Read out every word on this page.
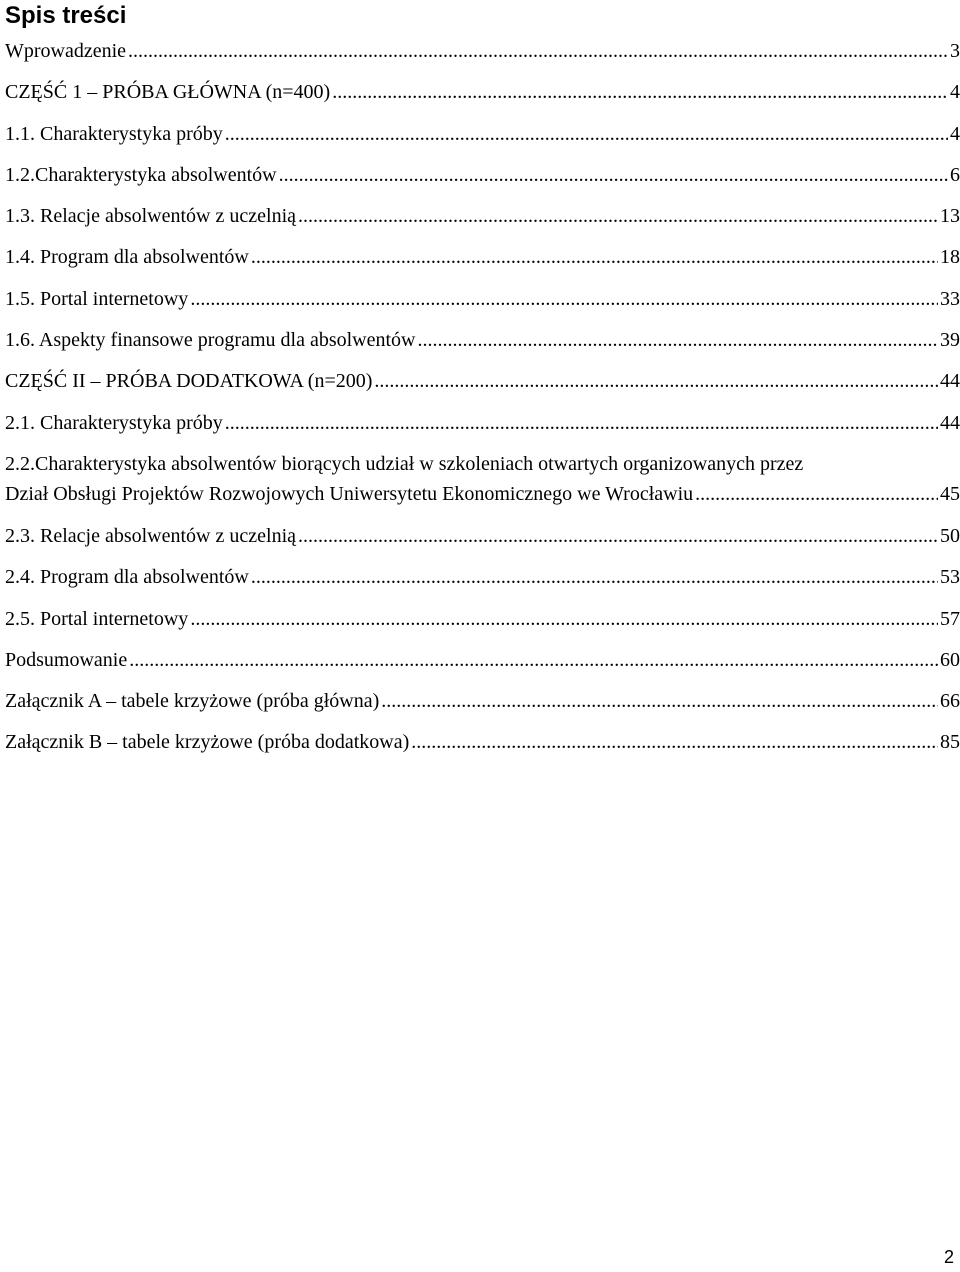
Spis treści
Wprowadzenie .....	3
CZĘŚĆ 1 – PRÓBA GŁÓWNA (n=400) .....	4
1.1. Charakterystyka próby .....	4
1.2.Charakterystyka absolwentów .....	6
1.3. Relacje absolwentów z uczelnią .....	13
1.4. Program dla absolwentów .....	18
1.5. Portal internetowy .....	33
1.6. Aspekty finansowe programu dla absolwentów .....	39
CZĘŚĆ II – PRÓBA DODATKOWA (n=200) .....	44
2.1. Charakterystyka próby .....	44
2.2.Charakterystyka absolwentów biorących udział w szkoleniach otwartych organizowanych przez
Dział Obsługi Projektów Rozwojowych Uniwersytetu Ekonomicznego we Wrocławiu .....	45
2.3. Relacje absolwentów z uczelnią .....	50
2.4. Program dla absolwentów .....	53
2.5. Portal internetowy .....	57
Podsumowanie .....	60
Załącznik A – tabele krzyżowe (próba główna) .....	66
Załącznik B – tabele krzyżowe (próba dodatkowa) .....	85
2
